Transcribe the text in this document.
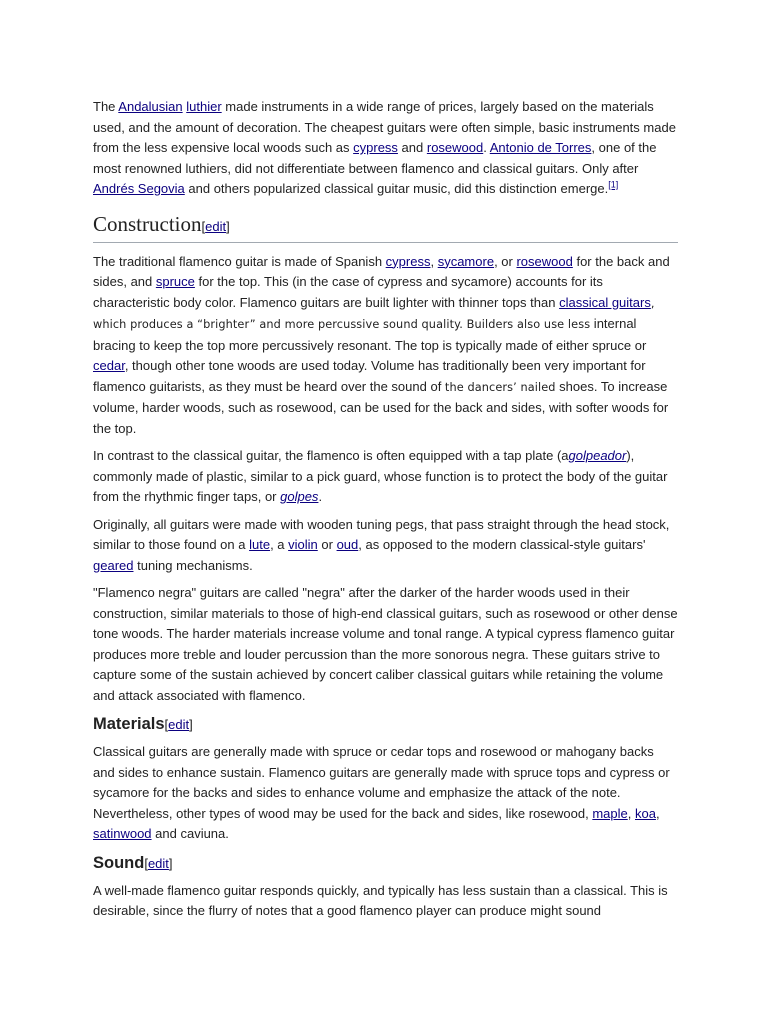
The Andalusian luthier made instruments in a wide range of prices, largely based on the materials used, and the amount of decoration. The cheapest guitars were often simple, basic instruments made from the less expensive local woods such as cypress and rosewood. Antonio de Torres, one of the most renowned luthiers, did not differentiate between flamenco and classical guitars. Only after Andrés Segovia and others popularized classical guitar music, did this distinction emerge.[1]

Construction[edit]

The traditional flamenco guitar is made of Spanish cypress, sycamore, or rosewood for the back and sides, and spruce for the top. This (in the case of cypress and sycamore) accounts for its characteristic body color. Flamenco guitars are built lighter with thinner tops than classical guitars, which produces a “brighter” and more percussive sound quality. Builders also use less internal bracing to keep the top more percussively resonant. The top is typically made of either spruce or cedar, though other tone woods are used today. Volume has traditionally been very important for flamenco guitarists, as they must be heard over the sound of the dancers’ nailed shoes. To increase volume, harder woods, such as rosewood, can be used for the back and sides, with softer woods for the top.

In contrast to the classical guitar, the flamenco is often equipped with a tap plate (agolpeador), commonly made of plastic, similar to a pick guard, whose function is to protect the body of the guitar from the rhythmic finger taps, or golpes.

Originally, all guitars were made with wooden tuning pegs, that pass straight through the head stock, similar to those found on a lute, a violin or oud, as opposed to the modern classical-style guitars' geared tuning mechanisms.

"Flamenco negra" guitars are called "negra" after the darker of the harder woods used in their construction, similar materials to those of high-end classical guitars, such as rosewood or other dense tone woods. The harder materials increase volume and tonal range. A typical cypress flamenco guitar produces more treble and louder percussion than the more sonorous negra. These guitars strive to capture some of the sustain achieved by concert caliber classical guitars while retaining the volume and attack associated with flamenco.

Materials[edit]

Classical guitars are generally made with spruce or cedar tops and rosewood or mahogany backs and sides to enhance sustain. Flamenco guitars are generally made with spruce tops and cypress or sycamore for the backs and sides to enhance volume and emphasize the attack of the note. Nevertheless, other types of wood may be used for the back and sides, like rosewood, maple, koa, satinwood and caviuna.

Sound[edit]

A well-made flamenco guitar responds quickly, and typically has less sustain than a classical. This is desirable, since the flurry of notes that a good flamenco player can produce might sound
